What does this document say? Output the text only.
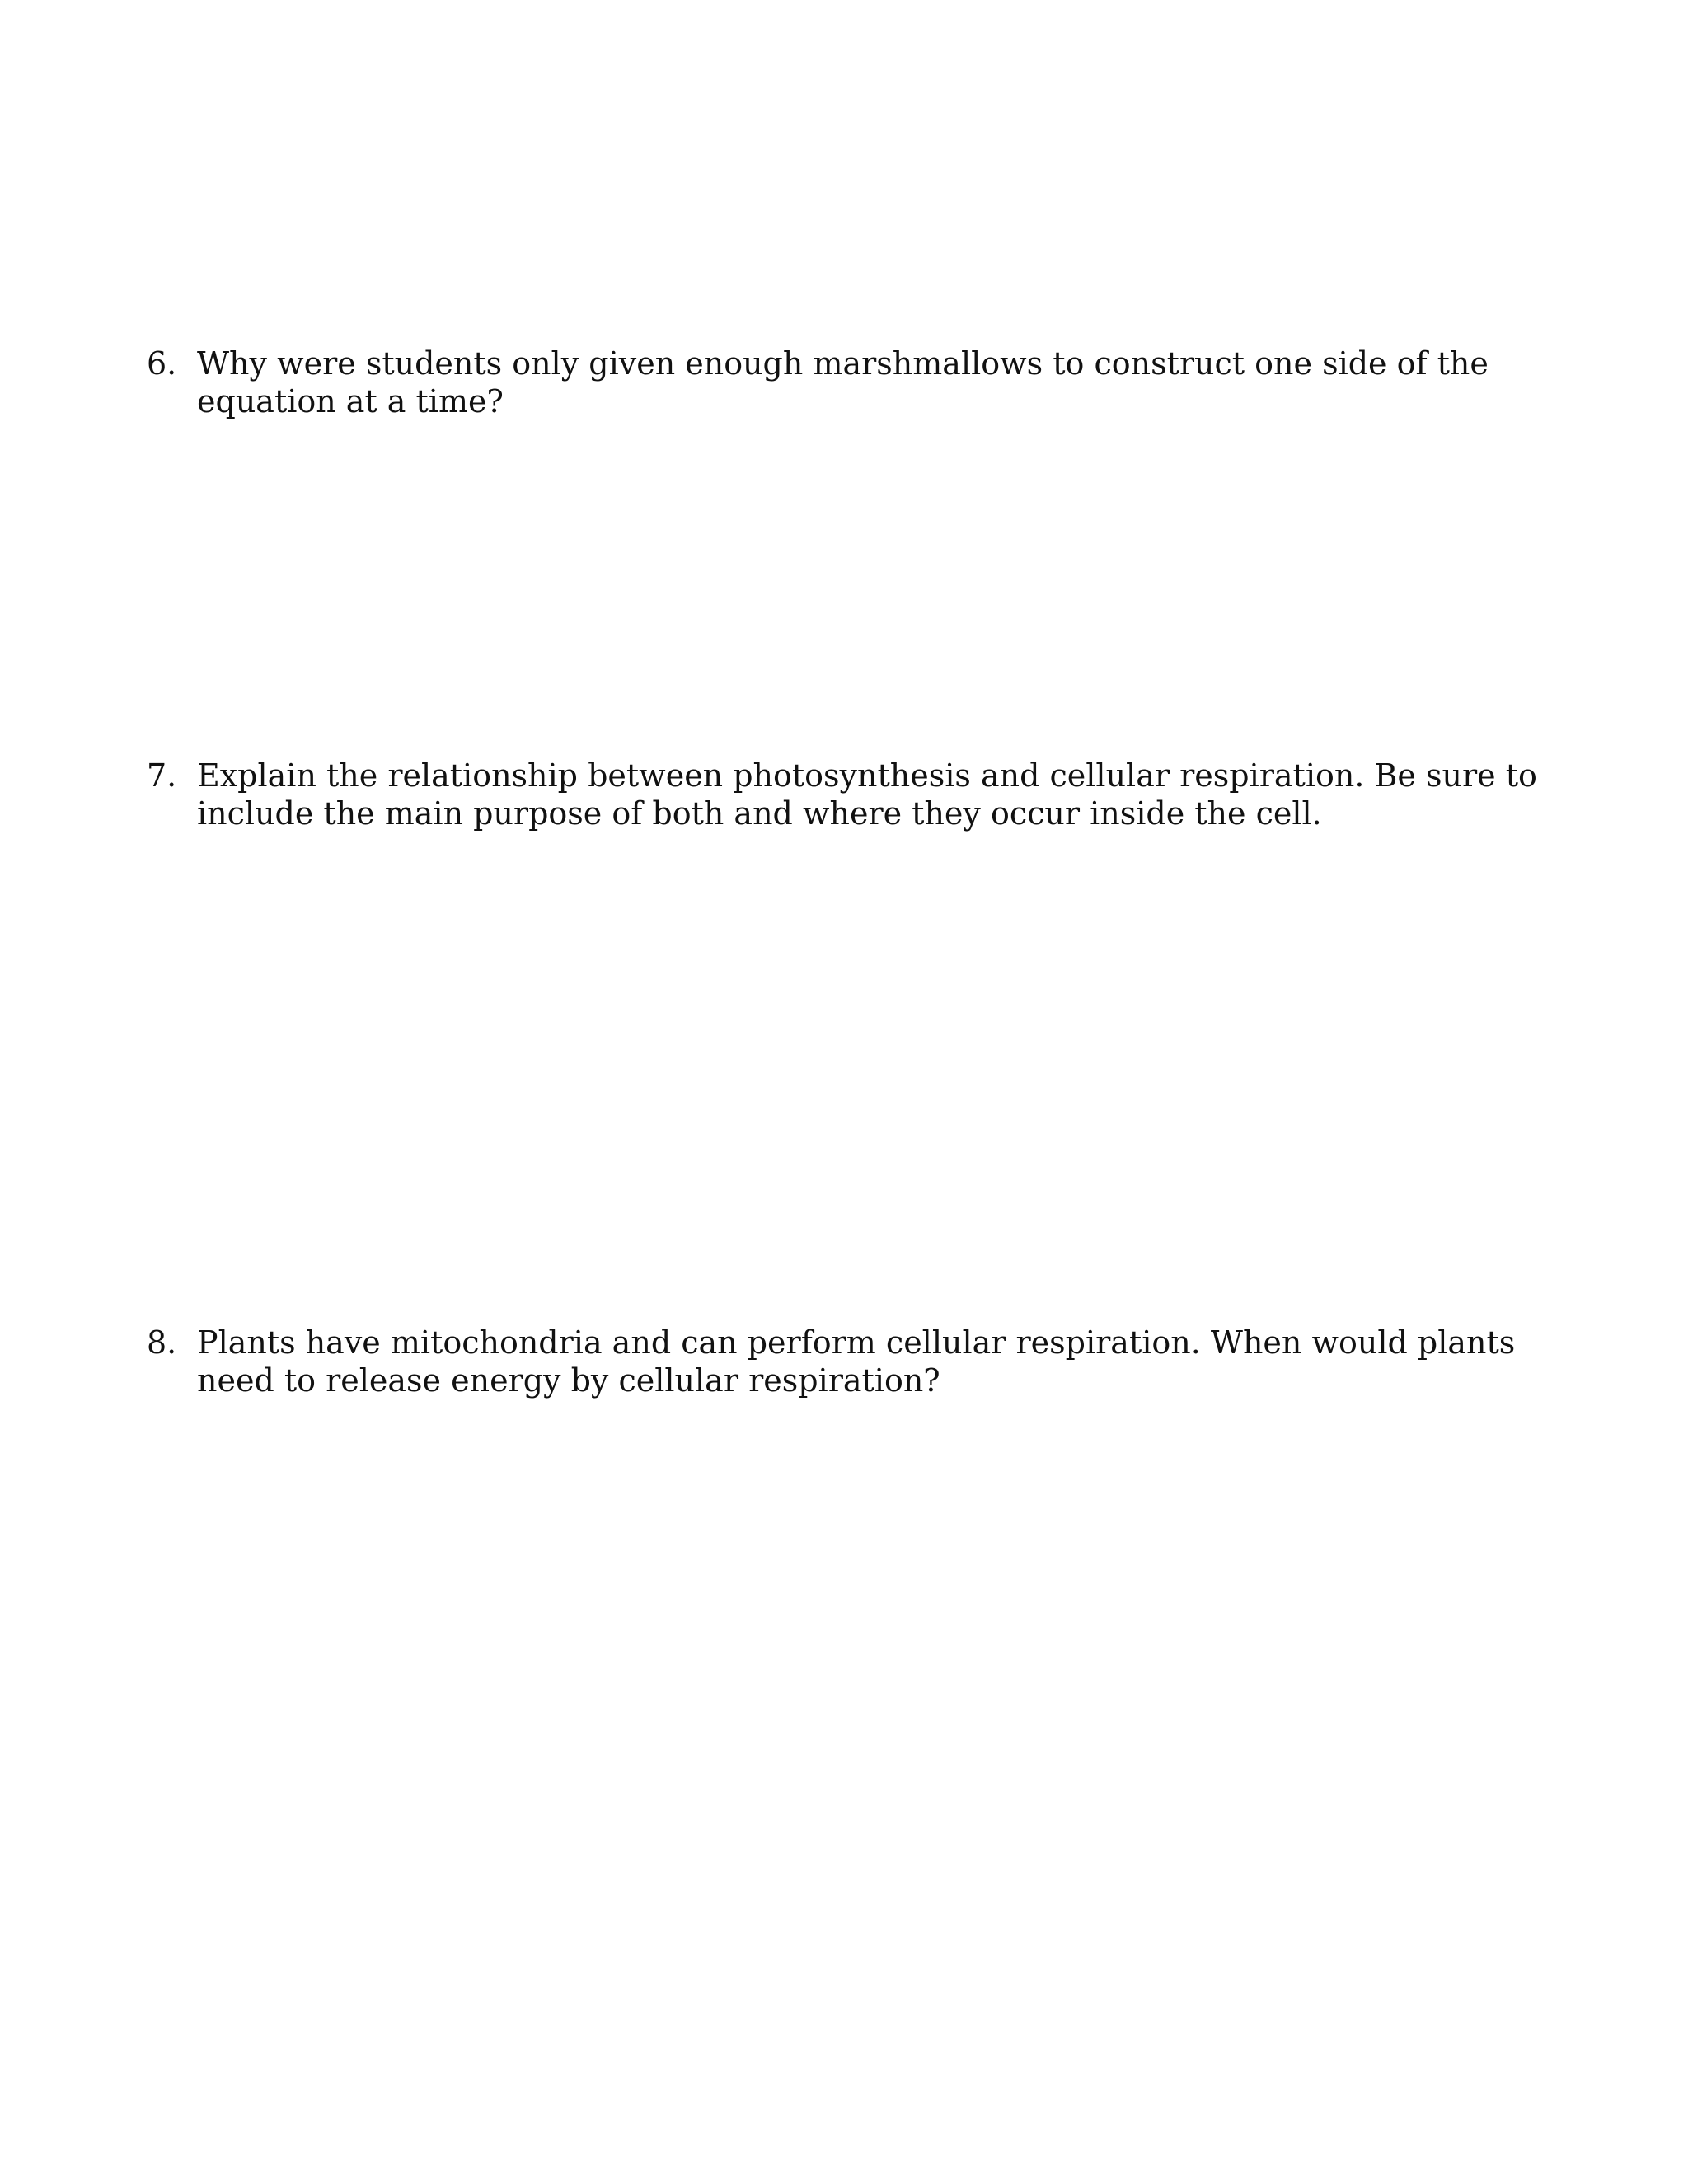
6. Why were students only given enough marshmallows to construct one side of the
equation at a time?
7. Explain the relationship between photosynthesis and cellular respiration. Be sure to
include the main purpose of both and where they occur inside the cell.
8. Plants have mitochondria and can perform cellular respiration. When would plants
need to release energy by cellular respiration?
